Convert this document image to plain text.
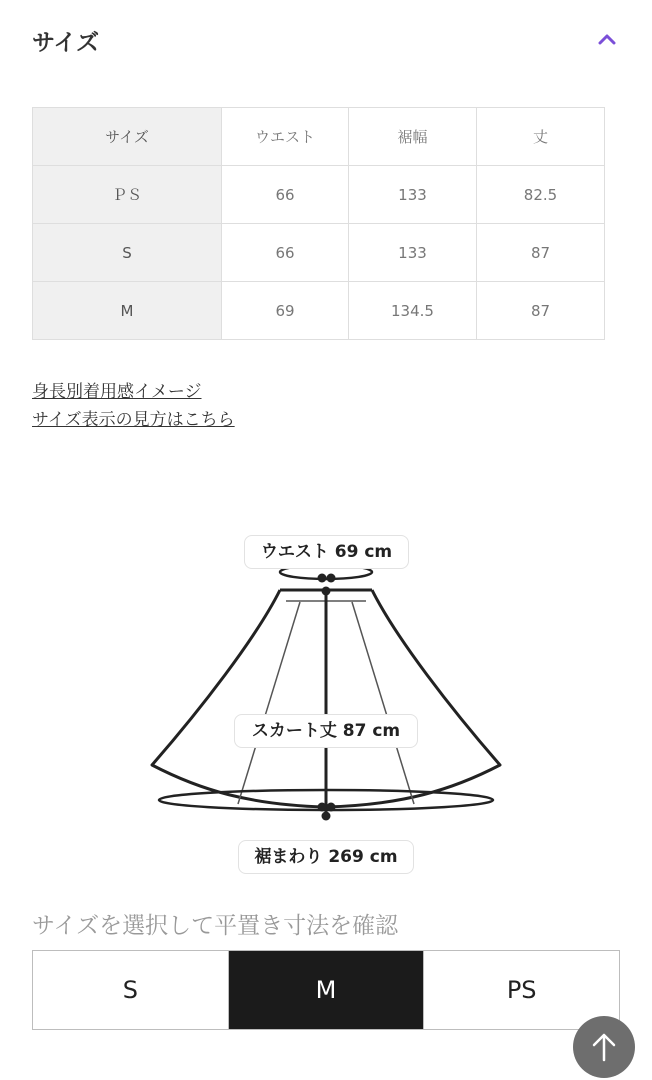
サイズ
サイズ	ウエスト	裾幅	丈
ＰＳ	66	133	82.5
S	66	133	87
M	69	134.5	87
身長別着用感イメージ
サイズ表示の見方はこちら
ウエスト 69 cm
スカート丈 87 cm
裾まわり 269 cm
サイズを選択して平置き寸法を確認
S	M	PS
